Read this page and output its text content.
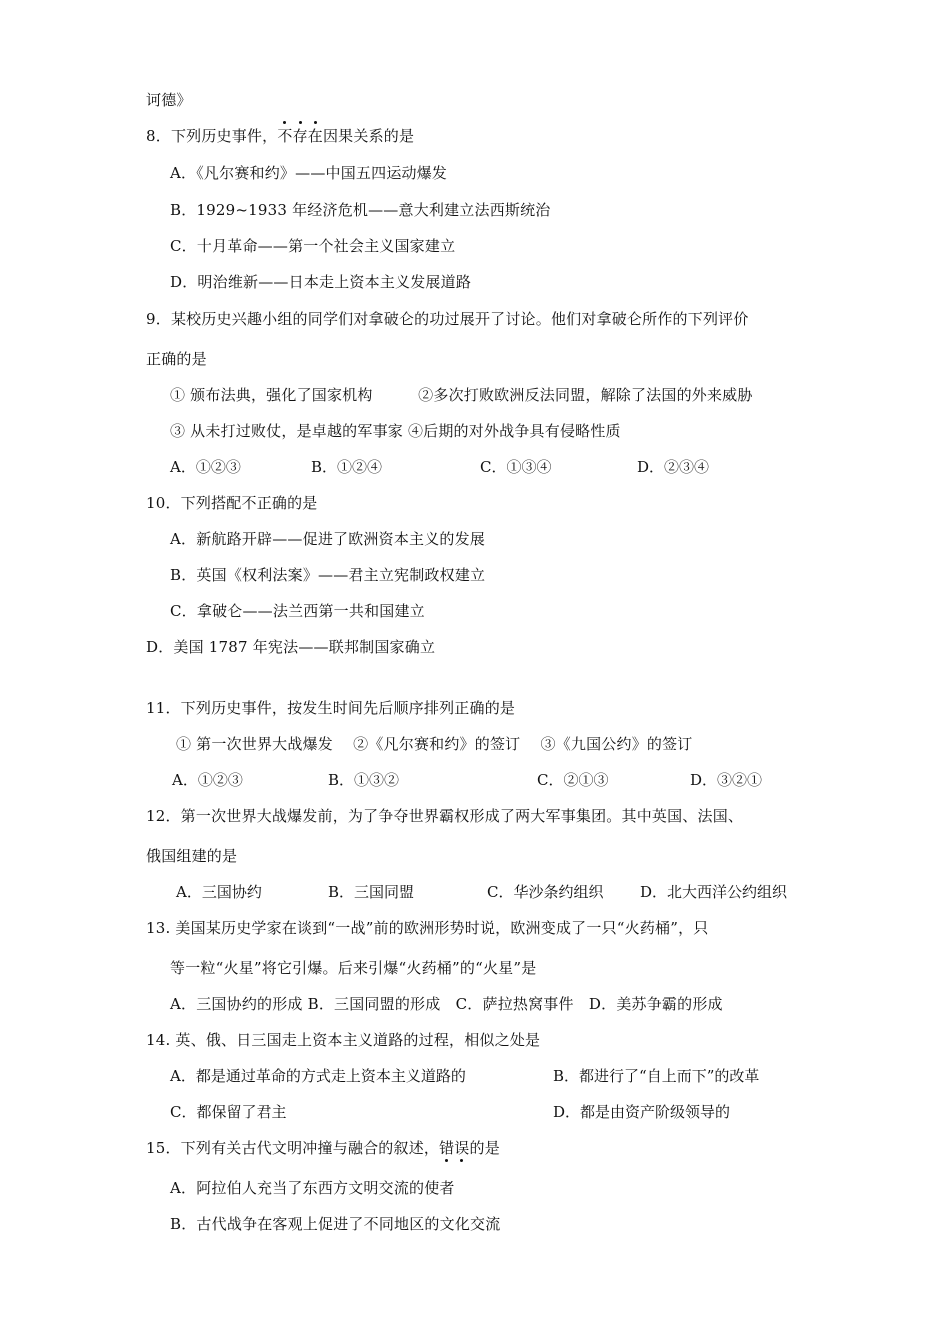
诃德》
8．下列历史事件，不存在因果关系的是
A．《凡尔赛和约》——中国五四运动爆发
B．1929~1933 年经济危机——意大利建立法西斯统治
C．十月革命——第一个社会主义国家建立
D．明治维新——日本走上资本主义发展道路
9．某校历史兴趣小组的同学们对拿破仑的功过展开了讨论。他们对拿破仑所作的下列评价
正确的是
① 颁布法典，强化了国家机构　　　②多次打败欧洲反法同盟，解除了法国的外来威胁
③ 从未打过败仗，是卓越的军事家 ④后期的对外战争具有侵略性质
A．①②③	B．①②④	C．①③④	D．②③④
10．下列搭配不正确的是
A．新航路开辟——促进了欧洲资本主义的发展
B．英国《权利法案》——君主立宪制政权建立
C．拿破仑——法兰西第一共和国建立
D．美国 1787 年宪法——联邦制国家确立
11．下列历史事件，按发生时间先后顺序排列正确的是
① 第一次世界大战爆发　 ②《凡尔赛和约》的签订　 ③《九国公约》的签订
A．①②③	B．①③②	C．②①③	D．③②①
12．第一次世界大战爆发前，为了争夺世界霸权形成了两大军事集团。其中英国、法国、
俄国组建的是
A．三国协约	B．三国同盟	C．华沙条约组织 D．北大西洋公约组织
13. 美国某历史学家在谈到“一战”前的欧洲形势时说，欧洲变成了一只“火药桶”，只
等一粒“火星”将它引爆。后来引爆“火药桶”的“火星”是
A．三国协约的形成 B．三国同盟的形成　C．萨拉热窝事件　D．美苏争霸的形成
14. 英、俄、日三国走上资本主义道路的过程，相似之处是
A．都是通过革命的方式走上资本主义道路的	B．都进行了“自上而下”的改革
C．都保留了君主	D．都是由资产阶级领导的
15．下列有关古代文明冲撞与融合的叙述，错误的是
A．阿拉伯人充当了东西方文明交流的使者
B．古代战争在客观上促进了不同地区的文化交流
